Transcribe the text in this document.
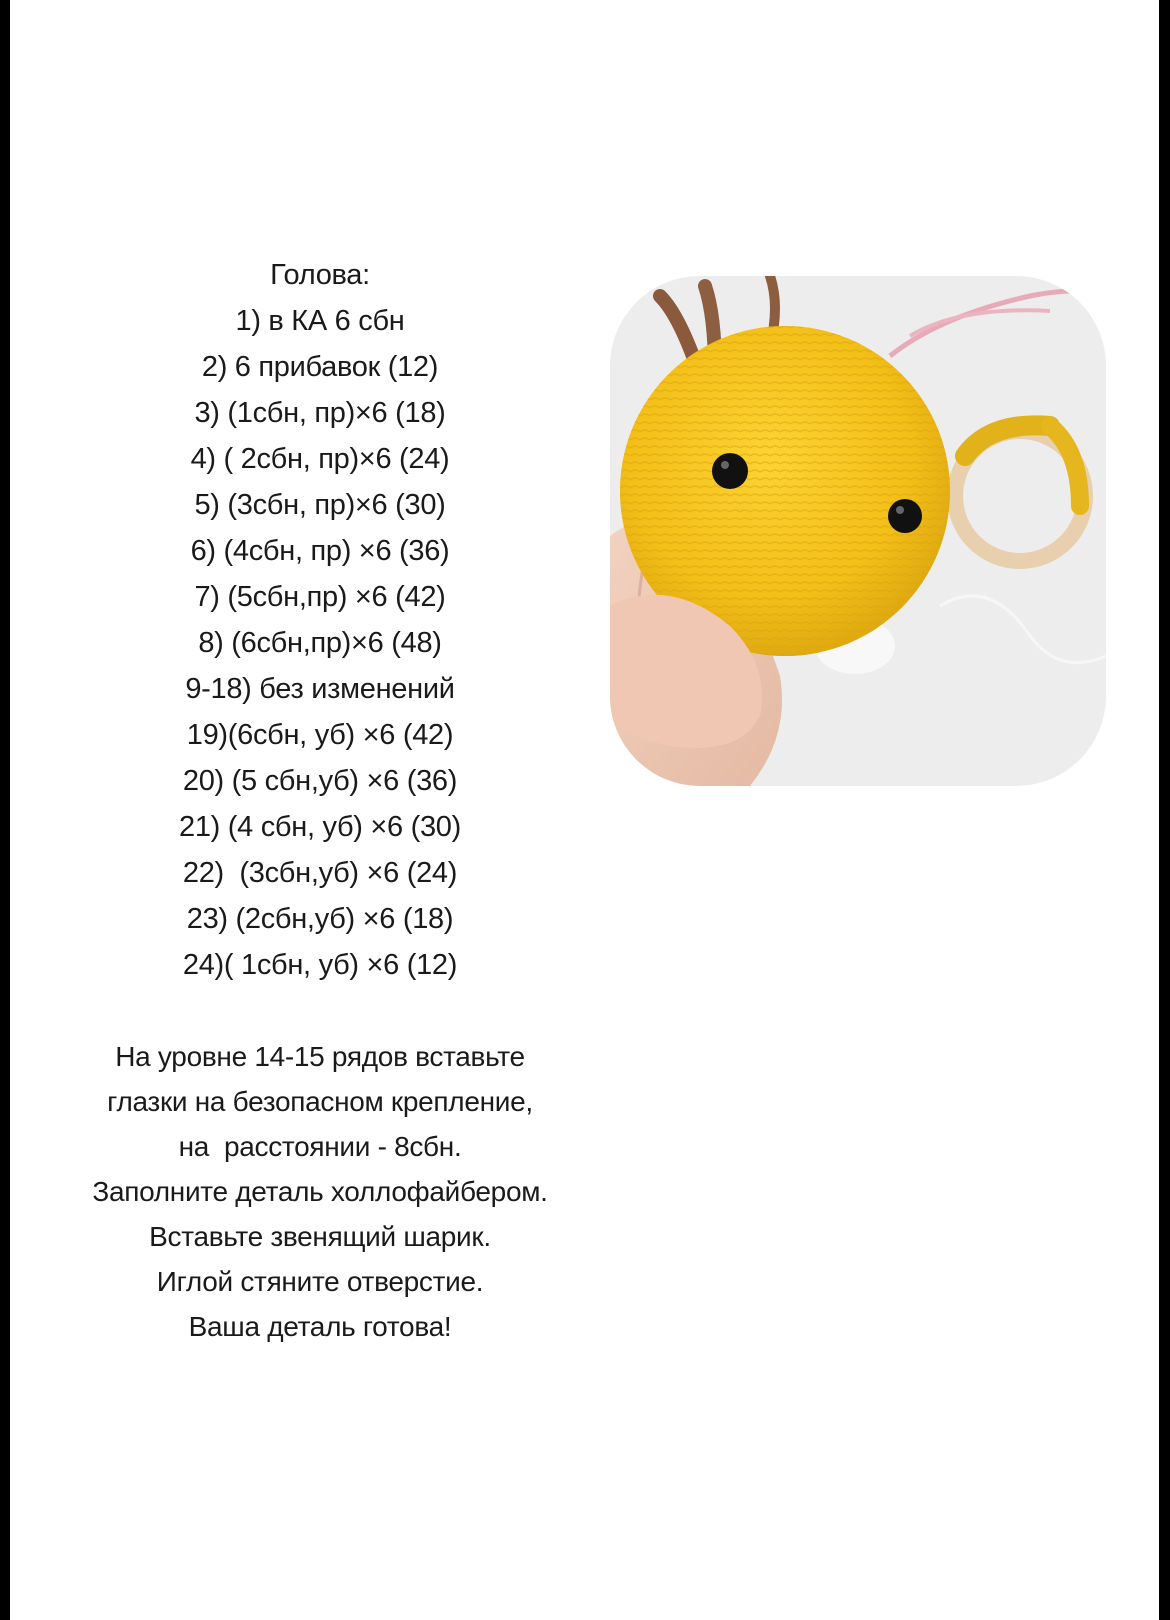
Голова:
1) в КА 6 сбн
2) 6 прибавок (12)
3) (1сбн, пр)×6 (18)
4) ( 2сбн, пр)×6 (24)
5) (3сбн, пр)×6 (30)
6) (4сбн, пр) ×6 (36)
7) (5сбн,пр) ×6 (42)
8) (6сбн,пр)×6 (48)
9-18) без изменений
19)(6сбн, уб) ×6 (42)
20) (5 сбн,уб) ×6 (36)
21) (4 сбн, уб) ×6 (30)
22)  (3сбн,уб) ×6 (24)
23) (2сбн,уб) ×6 (18)
24)( 1сбн, уб) ×6 (12)
На уровне 14-15 рядов вставьте
глазки на безопасном крепление,
на  расстоянии - 8сбн.
Заполните деталь холлофайбером.
Вставьте звенящий шарик.
Иглой стяните отверстие.
Ваша деталь готова!
